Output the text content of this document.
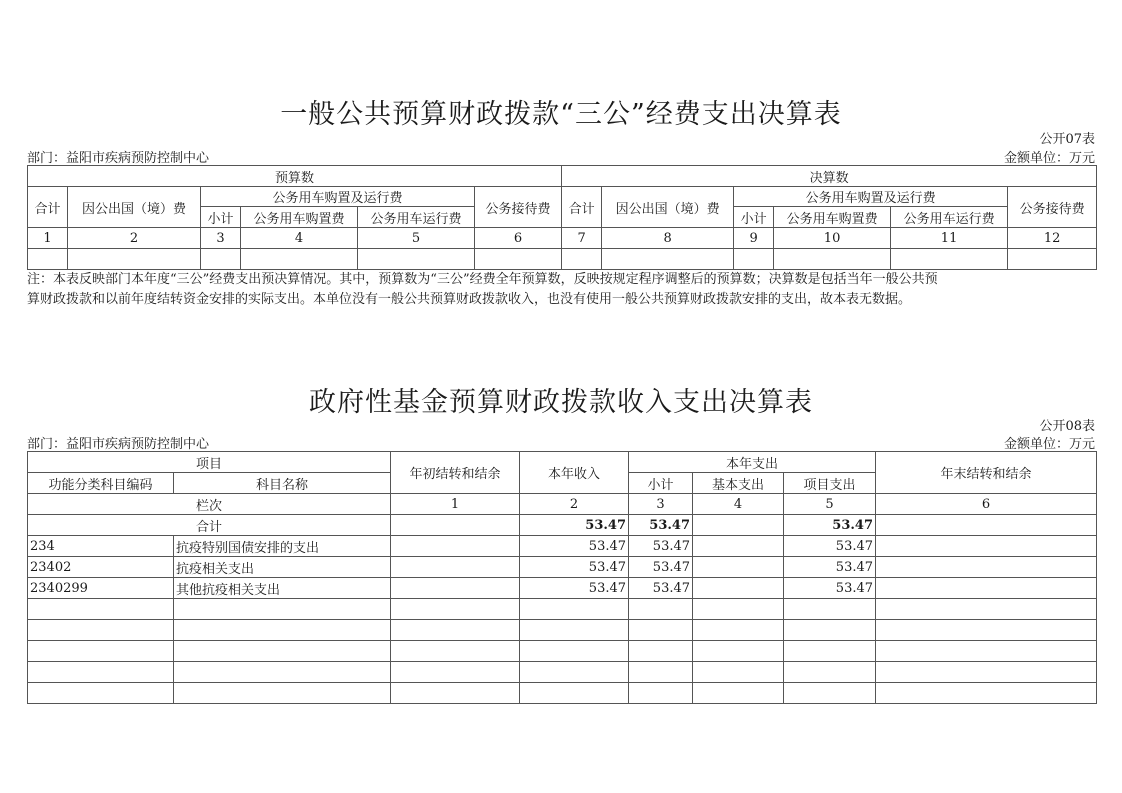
一般公共预算财政拨款“三公”经费支出决算表
公开07表
部门：益阳市疾病预防控制中心	金额单位：万元
预算数						决算数					
合计	因公出国（境）费	公务用车购置及运行费			公务接待费	合计	因公出国（境）费	公务用车购置及运行费			公务接待费
		小计	公务用车购置费	公务用车运行费				小计	公务用车购置费	公务用车运行费	
1	2	3	4	5	6	7	8	9	10	11	12

注：本表反映部门本年度“三公”经费支出预决算情况。其中，预算数为“三公”经费全年预算数，反映按规定程序调整后的预算数；决算数是包括当年一般公共预
算财政拨款和以前年度结转资金安排的实际支出。本单位没有一般公共预算财政拨款收入，也没有使用一般公共预算财政拨款安排的支出，故本表无数据。
政府性基金预算财政拨款收入支出决算表
公开08表
部门：益阳市疾病预防控制中心	金额单位：万元
项目		年初结转和结余	本年收入	本年支出			年末结转和结余
功能分类科目编码	科目名称			小计	基本支出	项目支出	
栏次		1	2	3	4	5	6
合计			53.47	53.47		53.47	
234	抗疫特别国债安排的支出		53.47	53.47		53.47	
23402	抗疫相关支出		53.47	53.47		53.47	
2340299	其他抗疫相关支出		53.47	53.47		53.47	
